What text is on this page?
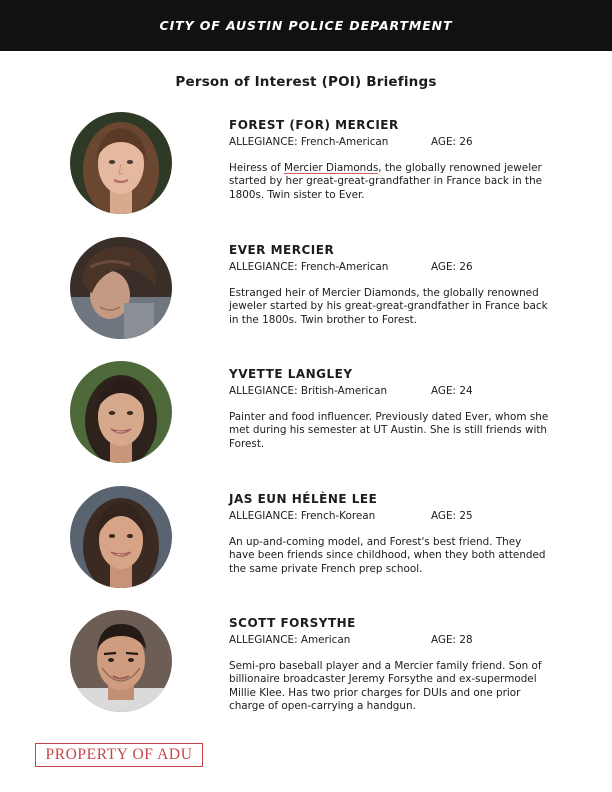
CITY OF AUSTIN POLICE DEPARTMENT
Person of Interest (POI) Briefings
FOREST (FOR) MERCIER
ALLEGIANCE: French-American	AGE: 26
Heiress of Mercier Diamonds, the globally renowned jeweler started by her great-great-grandfather in France back in the 1800s. Twin sister to Ever.
EVER MERCIER
ALLEGIANCE: French-American	AGE: 26
Estranged heir of Mercier Diamonds, the globally renowned jeweler started by his great-great-grandfather in France back in the 1800s. Twin brother to Forest.
YVETTE LANGLEY
ALLEGIANCE: British-American	AGE: 24
Painter and food influencer. Previously dated Ever, whom she met during his semester at UT Austin. She is still friends with Forest.
JAS EUN HÉLÈNE LEE
ALLEGIANCE: French-Korean	AGE: 25
An up-and-coming model, and Forest's best friend. They have been friends since childhood, when they both attended the same private French prep school.
SCOTT FORSYTHE
ALLEGIANCE: American	AGE: 28
Semi-pro baseball player and a Mercier family friend. Son of billionaire broadcaster Jeremy Forsythe and ex-supermodel Millie Klee. Has two prior charges for DUIs and one prior charge of open-carrying a handgun.
PROPERTY OF ADU
